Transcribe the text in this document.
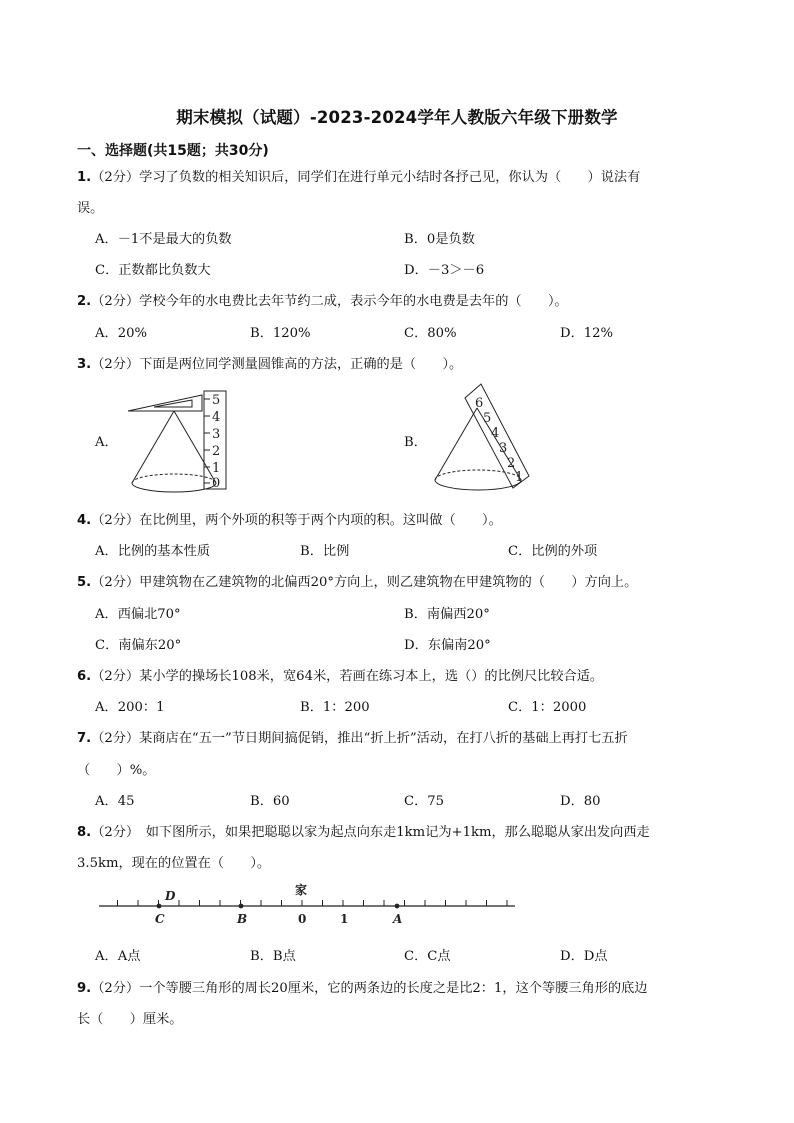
期末模拟（试题）-2023-2024学年人教版六年级下册数学
一、选择题(共15题；共30分)
1.（2分）学习了负数的相关知识后，同学们在进行单元小结时各抒己见，你认为（　　）说法有
误。
A．－1不是最大的负数	B．0是负数
C．正数都比负数大	D．－3＞－6
2.（2分）学校今年的水电费比去年节约二成，表示今年的水电费是去年的（　　）。
A．20%	B．120%	C．80%	D．12%
3.（2分）下面是两位同学测量圆锥高的方法，正确的是（　　）。
A．	B．
5
4
3
2
1
0
6
5
4
3
2
1
4.（2分）在比例里，两个外项的积等于两个内项的积。这叫做（　　）。
A．比例的基本性质	B．比例	C．比例的外项
5.（2分）甲建筑物在乙建筑物的北偏西20°方向上，则乙建筑物在甲建筑物的（　　）方向上。
A．西偏北70°	B．南偏西20°
C．南偏东20°	D．东偏南20°
6.（2分）某小学的操场长108米，宽64米，若画在练习本上，选（）的比例尺比较合适。
A．200：1	B．1：200	C．1：2000
7.（2分）某商店在“五一”节日期间搞促销，推出“折上折”活动，在打八折的基础上再打七五折
（　　）%。
A．45	B．60	C．75	D．80
8.（2分）　如下图所示，如果把聪聪以家为起点向东走1km记为+1km，那么聪聪从家出发向西走
3.5km，现在的位置在（　　）。
C
D
B	A
家
0	1
A．A点	B．B点	C．C点	D．D点
9.（2分）一个等腰三角形的周长20厘米，它的两条边的长度之是比2：1，这个等腰三角形的底边
长（　　）厘米。
